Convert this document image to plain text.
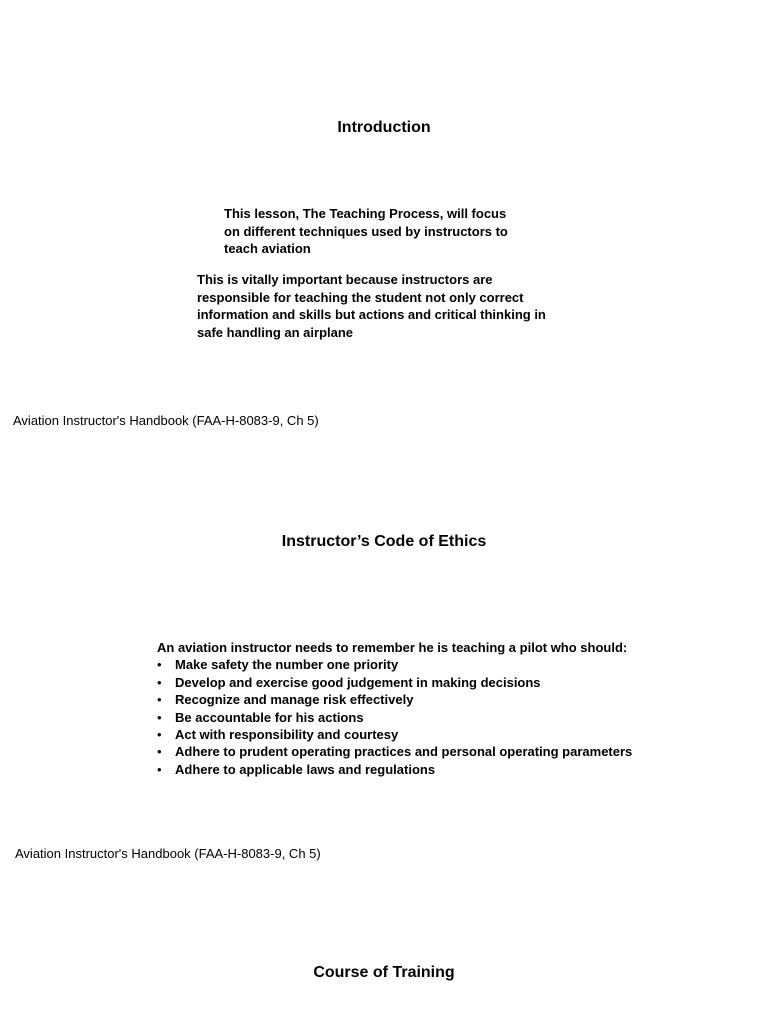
Introduction

This lesson, The Teaching Process, will focus on different techniques used by instructors to teach aviation

This is vitally important because instructors are responsible for teaching the student not only correct information and skills but actions and critical thinking in safe handling an airplane

Aviation Instructor's Handbook (FAA-H-8083-9, Ch 5)

Instructor’s Code of Ethics
An aviation instructor needs to remember he is teaching a pilot who should:
• Make safety the number one priority
• Develop and exercise good judgement in making decisions
• Recognize and manage risk effectively
• Be accountable for his actions
• Act with responsibility and courtesy
• Adhere to prudent operating practices and personal operating parameters
• Adhere to applicable laws and regulations

Aviation Instructor's Handbook (FAA-H-8083-9, Ch 5)

Course of Training
